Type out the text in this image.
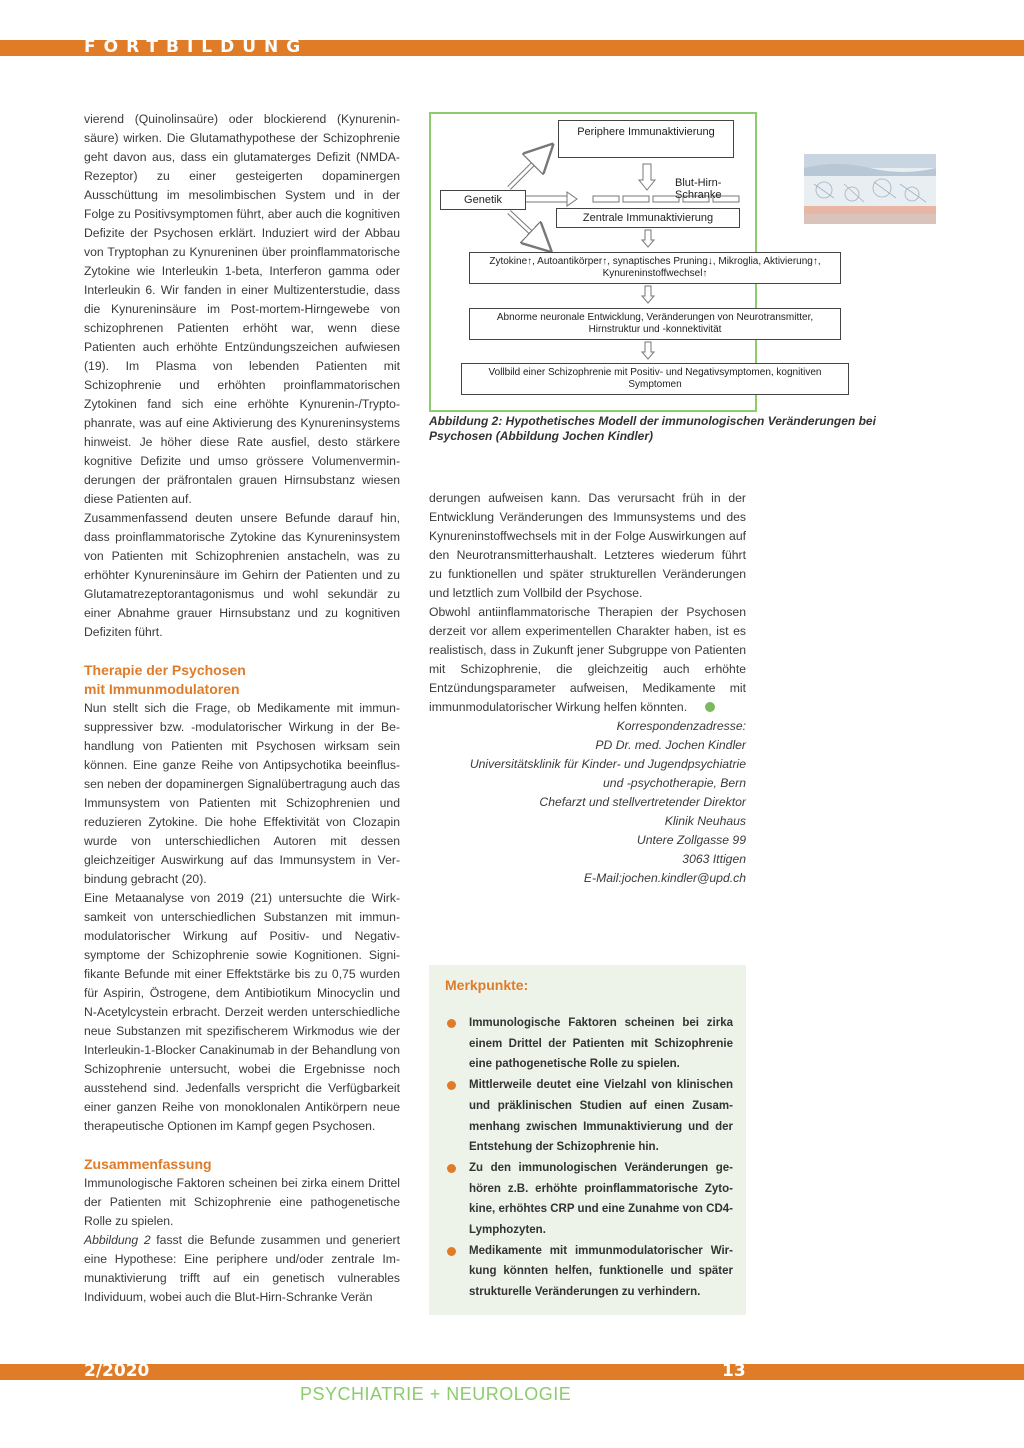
FORTBILDUNG

vierend (Quinolinsaüre) oder blockierend (Kynureninsäure) wirken. Die Glutamathypothese der Schizophrenie geht davon aus, dass ein glutamaterges Defizit (NMDA-Rezeptor) zu einer gesteigerten dopaminergen Ausschüttung im mesolimbischen System und in der Folge zu Positivsymptomen führt, aber auch die kognitiven Defizite der Psychosen erklärt. Induziert wird der Abbau von Tryptophan zu Kynureninen über proinflammatorische Zytokine wie Interleukin 1-beta, Interferon gamma oder Interleukin 6. Wir fanden in einer Multizenterstudie, dass die Kynureninsäure im Post-mortem-Hirngewebe von schizophrenen Patienten erhöht war, wenn diese Patienten auch erhöhte Entzündungszeichen aufwiesen (19). Im Plasma von lebenden Patienten mit Schizophrenie und erhöhten proinflammatorischen Zytokinen fand sich eine erhöhte Kynurenin-/Tryptophanrate, was auf eine Aktivierung des Kynureninsystems hinweist. Je höher diese Rate ausfiel, desto stärkere kognitive Defizite und umso grössere Volumenverminderungen der präfrontalen grauen Hirnsubstanz wiesen diese Patienten auf.

Zusammenfassend deuten unsere Befunde darauf hin, dass proinflammatorische Zytokine das Kynureninsystem von Patienten mit Schizophrenien anstacheln, was zu erhöhter Kynureninsäure im Gehirn der Patienten und zu Glutamatrezeptorantagonismus und wohl sekundär zu einer Abnahme grauer Hirnsubstanz und zu kognitiven Defiziten führt.

Therapie der Psychosen
mit Immunmodulatoren

Nun stellt sich die Frage, ob Medikamente mit immunsuppressiver bzw. -modulatorischer Wirkung in der Behandlung von Patienten mit Psychosen wirksam sein können. Eine ganze Reihe von Antipsychotika beeinflussen neben der dopaminergen Signalübertragung auch das Immunsystem von Patienten mit Schizophrenien und reduzieren Zytokine. Die hohe Effektivität von Clozapin wurde von unterschiedlichen Autoren mit dessen gleichzeitiger Auswirkung auf das Immunsystem in Verbindung gebracht (20).

Eine Metaanalyse von 2019 (21) untersuchte die Wirksamkeit von unterschiedlichen Substanzen mit immunmodulatorischer Wirkung auf Positiv- und Negativsymptome der Schizophrenie sowie Kognitionen. Signifikante Befunde mit einer Effektstärke bis zu 0,75 wurden für Aspirin, Östrogene, dem Antibiotikum Minocyclin und N-Acetylcystein erbracht. Derzeit werden unterschiedliche neue Substanzen mit spezifischerem Wirkmodus wie der Interleukin-1-Blocker Canakinumab in der Behandlung von Schizophrenie untersucht, wobei die Ergebnisse noch ausstehend sind. Jedenfalls verspricht die Verfügbarkeit einer ganzen Reihe von monoklonalen Antikörpern neue therapeutische Optionen im Kampf gegen Psychosen.

Zusammenfassung

Immunologische Faktoren scheinen bei zirka einem Drittel der Patienten mit Schizophrenie eine pathogenetische Rolle zu spielen.

Abbildung 2 fasst die Befunde zusammen und generiert eine Hypothese: Eine periphere und/oder zentrale Immunaktivierung trifft auf ein genetisch vulnerables Individuum, wobei auch die Blut-Hirn-Schranke Verän

Periphere Immunaktivierung
Blut-Hirn-Schranke
Genetik
Zentrale Immunaktivierung
Zytokine↑, Autoantikörper↑, synaptisches Pruning↓, Mikroglia, Aktivierung↑, Kynureninstoffwechsel↑
Abnorme neuronale Entwicklung, Veränderungen von Neurotransmitter, Hirnstruktur und -konnektivität
Vollbild einer Schizophrenie mit Positiv- und Negativsymptomen, kognitiven Symptomen
Abbildung 2: Hypothetisches Modell der immunologischen Veränderungen bei Psychosen (Abbildung Jochen Kindler)

derungen aufweisen kann. Das verursacht früh in der Entwicklung Veränderungen des Immunsystems und des Kynureninstoffwechsels mit in der Folge Auswirkungen auf den Neurotransmitterhaushalt. Letzteres wiederum führt zu funktionellen und später strukturellen Veränderungen und letztlich zum Vollbild der Psychose.

Obwohl antiinflammatorische Therapien der Psychosen derzeit vor allem experimentellen Charakter haben, ist es realistisch, dass in Zukunft jener Subgruppe von Patienten mit Schizophrenie, die gleichzeitig auch erhöhte Entzündungsparameter aufweisen, Medikamente mit immunmodulatorischer Wirkung helfen könnten.

Korrespondenzadresse:
PD Dr. med. Jochen Kindler
Universitätsklinik für Kinder- und Jugendpsychiatrie
und -psychotherapie, Bern
Chefarzt und stellvertretender Direktor
Klinik Neuhaus
Untere Zollgasse 99
3063 Ittigen
E-Mail:jochen.kindler@upd.ch
Merkpunkte:
Immunologische Faktoren scheinen bei zirka einem Drittel der Patienten mit Schizophrenie eine pathogenetische Rolle zu spielen.
Mittlerweile deutet eine Vielzahl von klinischen und präklinischen Studien auf einen Zusammenhang zwischen Immunaktivierung und der Entstehung der Schizophrenie hin.
Zu den immunologischen Veränderungen gehören z.B. erhöhte proinflammatorische Zytokine, erhöhtes CRP und eine Zunahme von CD4-Lymphozyten.
Medikamente mit immunmodulatorischer Wirkung könnten helfen, funktionelle und später strukturelle Veränderungen zu verhindern.
2/2020	13
PSYCHIATRIE + NEUROLOGIE
